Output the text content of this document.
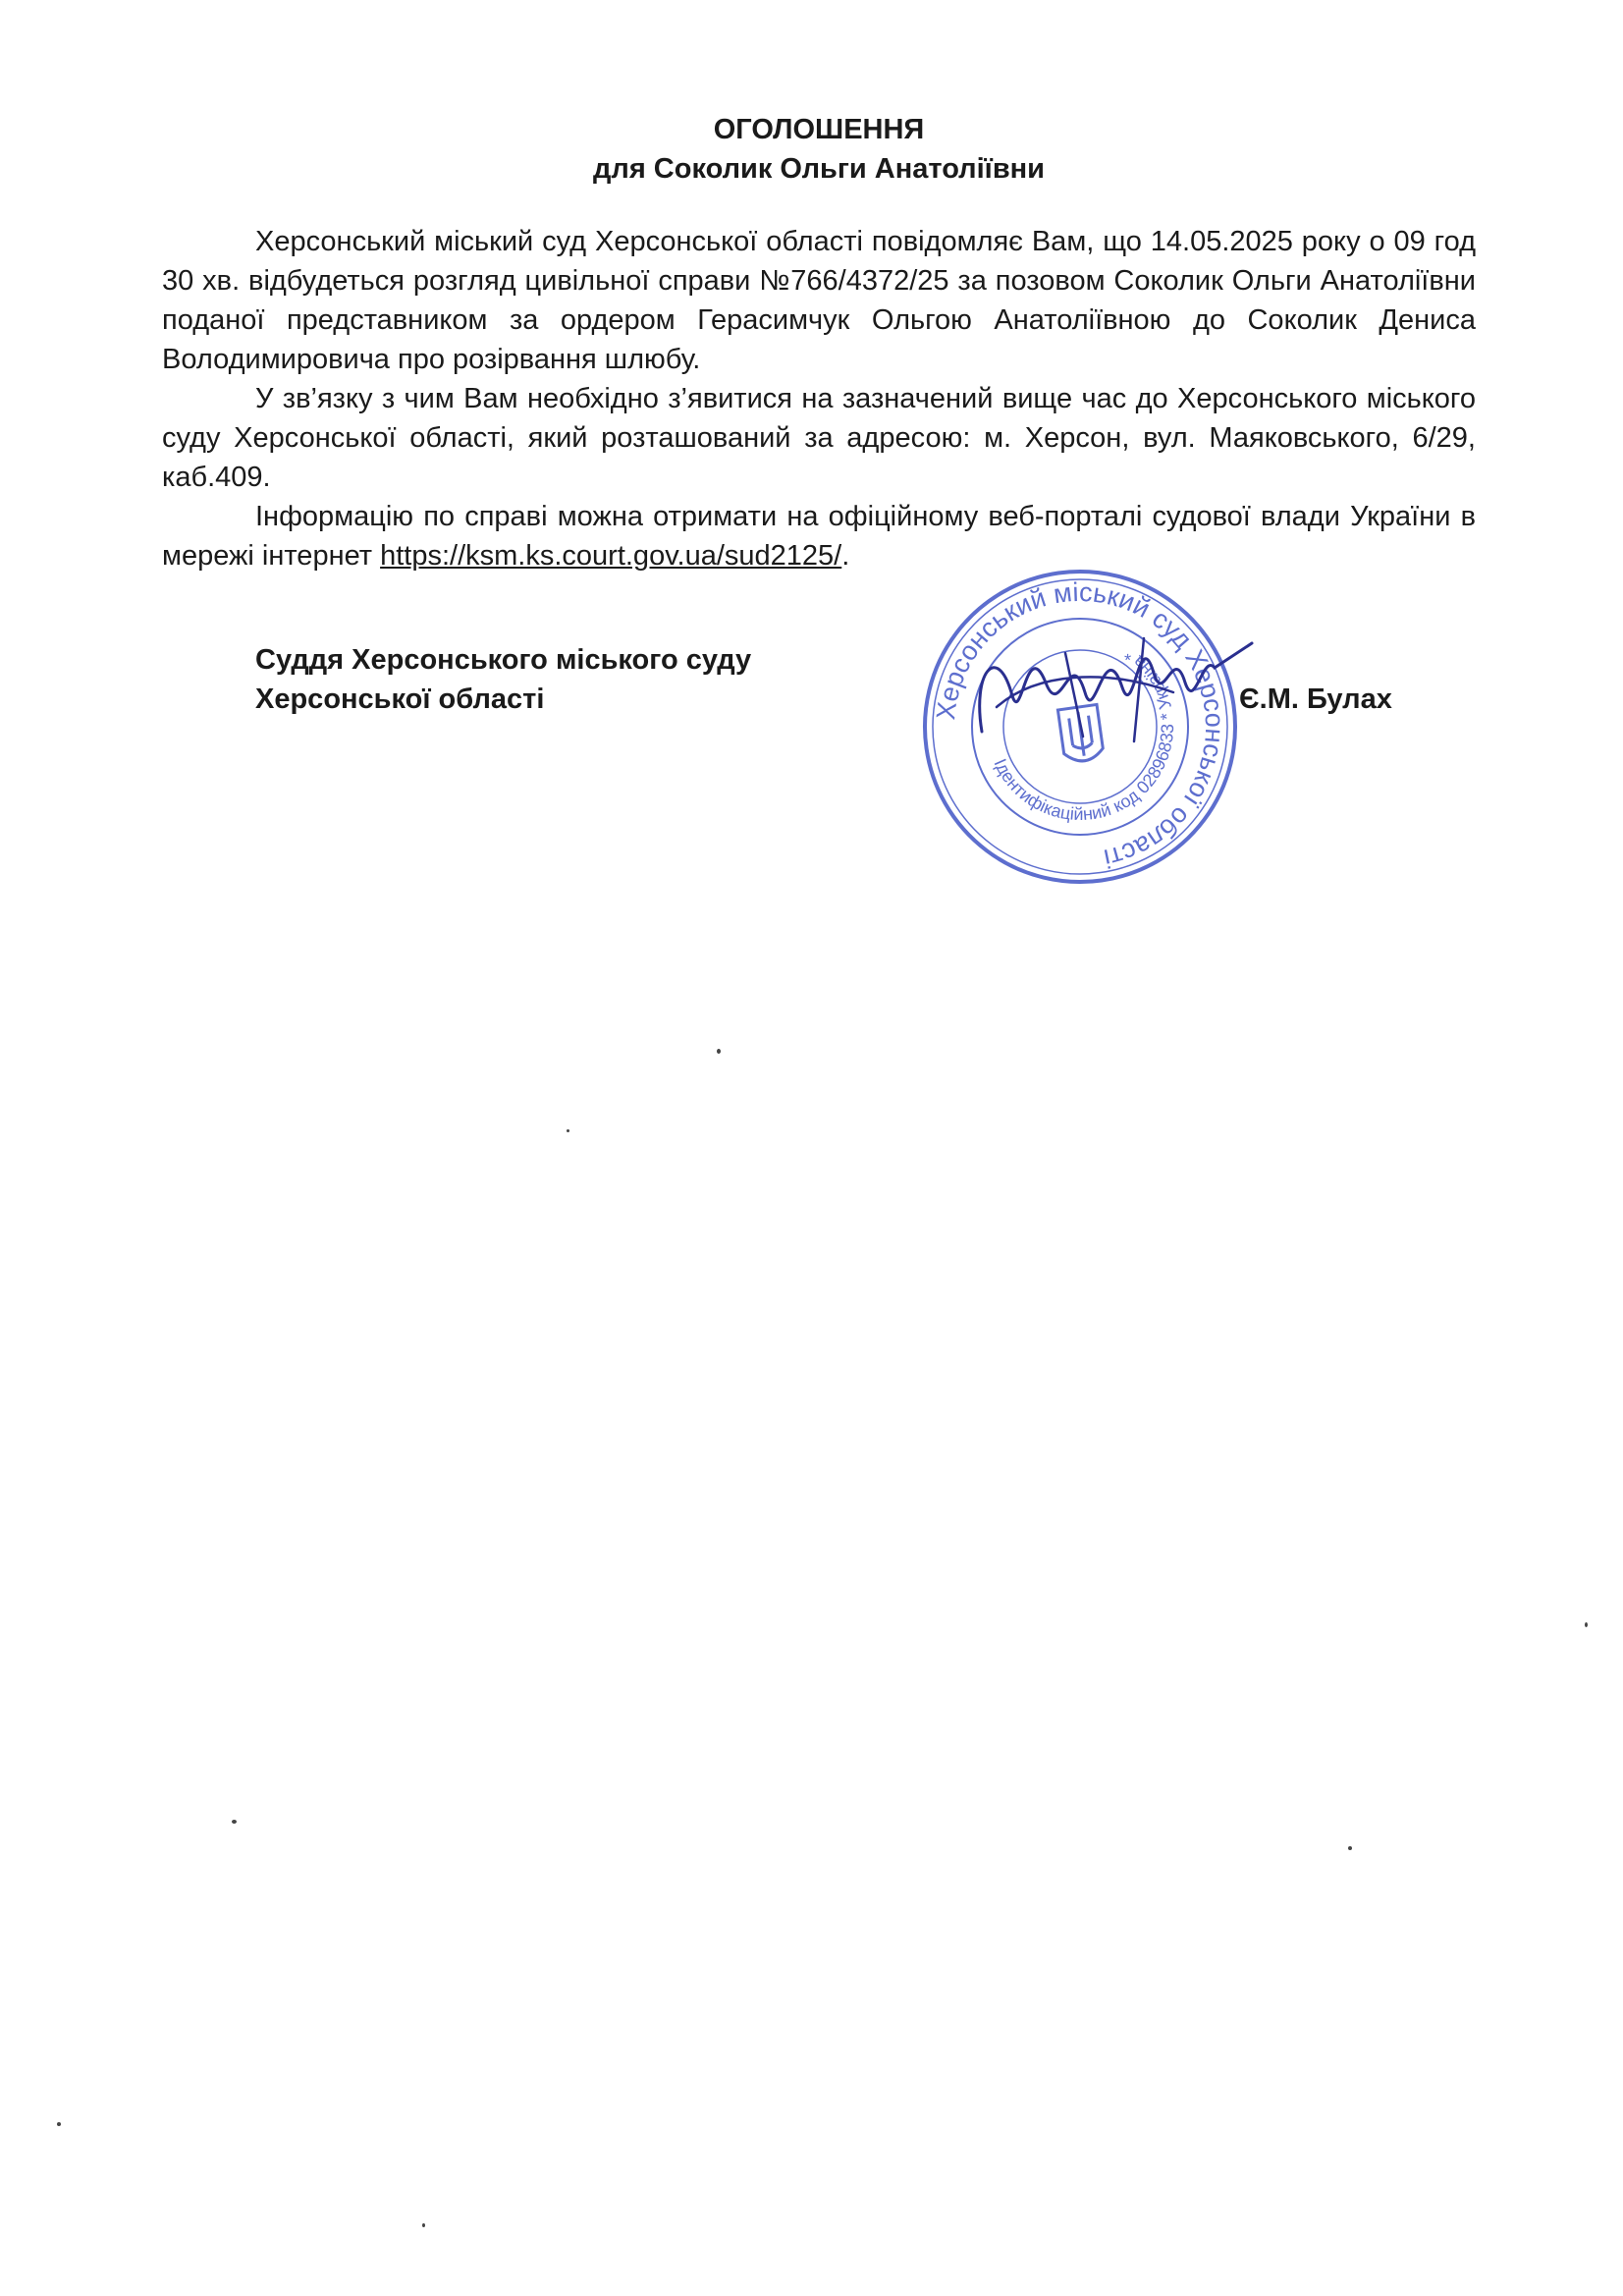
ОГОЛОШЕННЯ
для Соколик Ольги Анатоліївни

Херсонський міський суд Херсонської області повідомляє Вам, що 14.05.2025 року о 09 год 30 хв. відбудеться розгляд цивільної справи №766/4372/25 за позовом Соколик Ольги Анатоліївни поданої представником за ордером Герасимчук Ольгою Анатоліївною до Соколик Дениса Володимировича про розірвання шлюбу.

У зв’язку з чим Вам необхідно з’явитися на зазначений вище час до Херсонського міського суду Херсонської області, який розташований за адресою: м. Херсон, вул. Маяковського, 6/29, каб.409.

Інформацію по справі можна отримати на офіційному веб-порталі судової влади України в мережі інтернет https://ksm.ks.court.gov.ua/sud2125/.

Суддя Херсонського міського суду
Херсонської області	Херсонський міський суд Херсонської області
Ідентифікаційний код 02896833 * Україна *
Є.М. Булах
